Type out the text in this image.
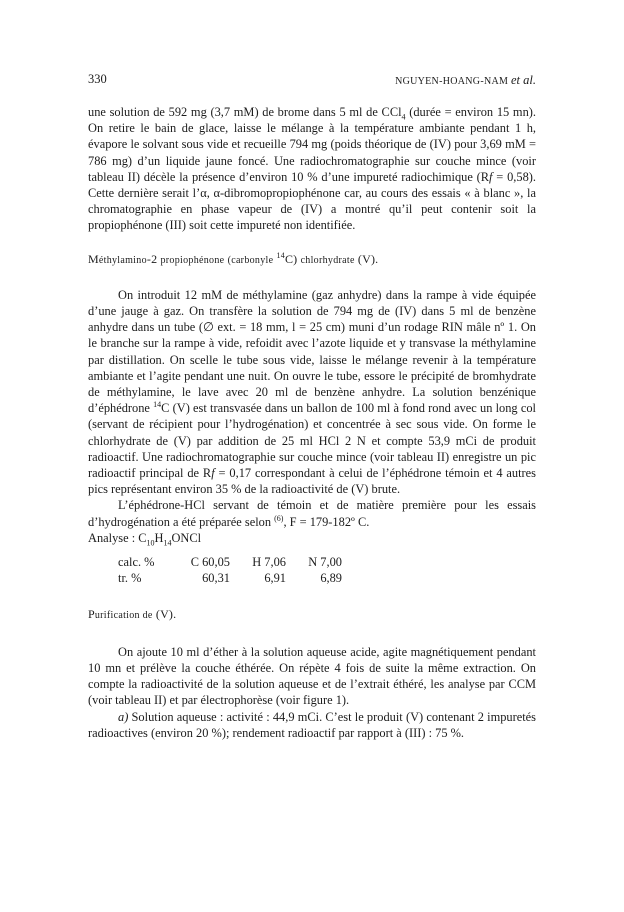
330	NGUYEN-HOANG-NAM et al.

une solution de 592 mg (3,7 mM) de brome dans 5 ml de CCl$_4$ (durée = environ 15 mn). On retire le bain de glace, laisse le mélange à la température ambiante pendant 1 h, évapore le solvant sous vide et recueille 794 mg (poids théorique de (IV) pour 3,69 mM = 786 mg) d’un liquide jaune foncé. Une radiochromatographie sur couche mince (voir tableau II) décèle la présence d’environ 10 % d’une impureté radiochimique (Rf = 0,58). Cette dernière serait l’α, α-dibromopropiophénone car, au cours des essais « à blanc », la chromatographie en phase vapeur de (IV) a montré qu’il peut contenir soit la propiophénone (III) soit cette impureté non identifiée.

Méthylamino-2 propiophénone (carbonyle $^{14}$C) chlorhydrate (V).

On introduit 12 mM de méthylamine (gaz anhydre) dans la rampe à vide équipée d’une jauge à gaz. On transfère la solution de 794 mg de (IV) dans 5 ml de benzène anhydre dans un tube (∅ ext. = 18 mm, l = 25 cm) muni d’un rodage RIN mâle nº 1. On le branche sur la rampe à vide, refoidit avec l’azote liquide et y transvase la méthylamine par distillation. On scelle le tube sous vide, laisse le mélange revenir à la température ambiante et l’agite pendant une nuit. On ouvre le tube, essore le précipité de bromhydrate de méthylamine, le lave avec 20 ml de benzène anhydre. La solution benzénique d’éphédrone $^{14}$C (V) est transvasée dans un ballon de 100 ml à fond rond avec un long col (servant de récipient pour l’hydrogénation) et concentrée à sec sous vide. On forme le chlorhydrate de (V) par addition de 25 ml HCl 2 N et compte 53,9 mCi de produit radioactif. Une radiochromatographie sur couche mince (voir tableau II) enregistre un pic radioactif principal de Rf = 0,17 correspondant à celui de l’éphédrone témoin et 4 autres pics représentant environ 35 % de la radioactivité de (V) brute.

L’éphédrone-HCl servant de témoin et de matière première pour les essais d’hydrogénation a été préparée selon $^{(6)}$, F = 179-182º C.

Analyse : $C_{10}H_{14}ONCl$

calc. %	C 60,05	H 7,06	N 7,00
tr. %	60,31	6,91	6,89
Purification de (V).

On ajoute 10 ml d’éther à la solution aqueuse acide, agite magnétiquement pendant 10 mn et prélève la couche éthérée. On répète 4 fois de suite la même extraction. On compte la radioactivité de la solution aqueuse et de l’extrait éthéré, les analyse par CCM (voir tableau II) et par électrophorèse (voir figure 1).

a) Solution aqueuse : activité : 44,9 mCi. C’est le produit (V) contenant 2 impuretés radioactives (environ 20 %); rendement radioactif par rapport à (III) : 75 %.
